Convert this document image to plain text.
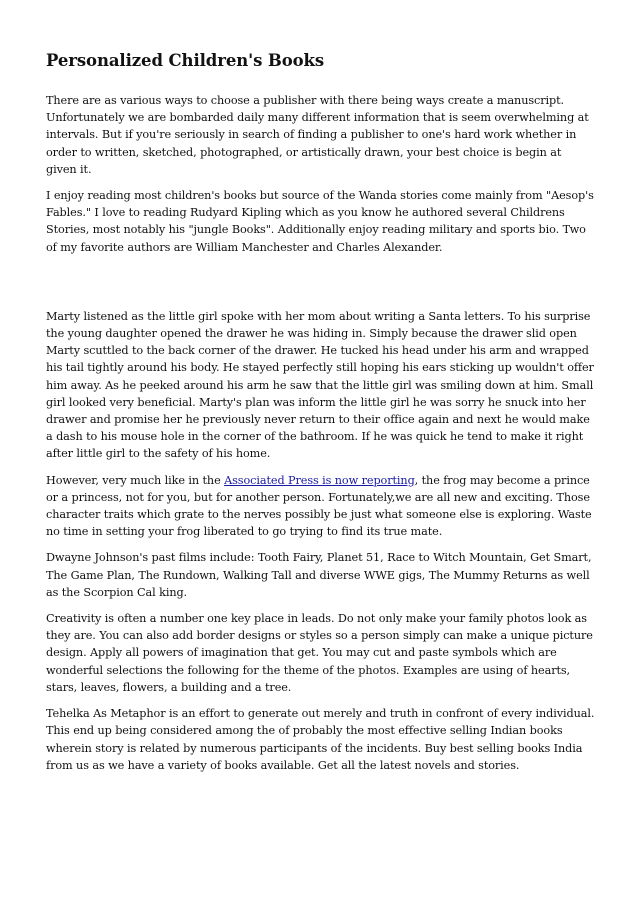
Personalized Children's Books

There are as various ways to choose a publisher with there being ways create a manuscript. Unfortunately we are bombarded daily many different information that is seem overwhelming at intervals. But if you're seriously in search of finding a publisher to one's hard work whether in order to written, sketched, photographed, or artistically drawn, your best choice is begin at given it.

I enjoy reading most children's books but source of the Wanda stories come mainly from "Aesop's Fables." I love to reading Rudyard Kipling which as you know he authored several Childrens Stories, most notably his "jungle Books". Additionally enjoy reading military and sports bio. Two of my favorite authors are William Manchester and Charles Alexander.

Marty listened as the little girl spoke with her mom about writing a Santa letters. To his surprise the young daughter opened the drawer he was hiding in. Simply because the drawer slid open Marty scuttled to the back corner of the drawer. He tucked his head under his arm and wrapped his tail tightly around his body. He stayed perfectly still hoping his ears sticking up wouldn't offer him away. As he peeked around his arm he saw that the little girl was smiling down at him. Small girl looked very beneficial. Marty's plan was inform the little girl he was sorry he snuck into her drawer and promise her he previously never return to their office again and next he would make a dash to his mouse hole in the corner of the bathroom. If he was quick he tend to make it right after little girl to the safety of his home.

However, very much like in the Associated Press is now reporting, the frog may become a prince or a princess, not for you, but for another person. Fortunately,we are all new and exciting. Those character traits which grate to the nerves possibly be just what someone else is exploring. Waste no time in setting your frog liberated to go trying to find its true mate.

Dwayne Johnson's past films include: Tooth Fairy, Planet 51, Race to Witch Mountain, Get Smart, The Game Plan, The Rundown, Walking Tall and diverse WWE gigs, The Mummy Returns as well as the Scorpion Cal king.

Creativity is often a number one key place in leads. Do not only make your family photos look as they are. You can also add border designs or styles so a person simply can make a unique picture design. Apply all powers of imagination that get. You may cut and paste symbols which are wonderful selections the following for the theme of the photos. Examples are using of hearts, stars, leaves, flowers, a building and a tree.

Tehelka As Metaphor is an effort to generate out merely and truth in confront of every individual. This end up being considered among the of probably the most effective selling Indian books wherein story is related by numerous participants of the incidents. Buy best selling books India from us as we have a variety of books available. Get all the latest novels and stories.
